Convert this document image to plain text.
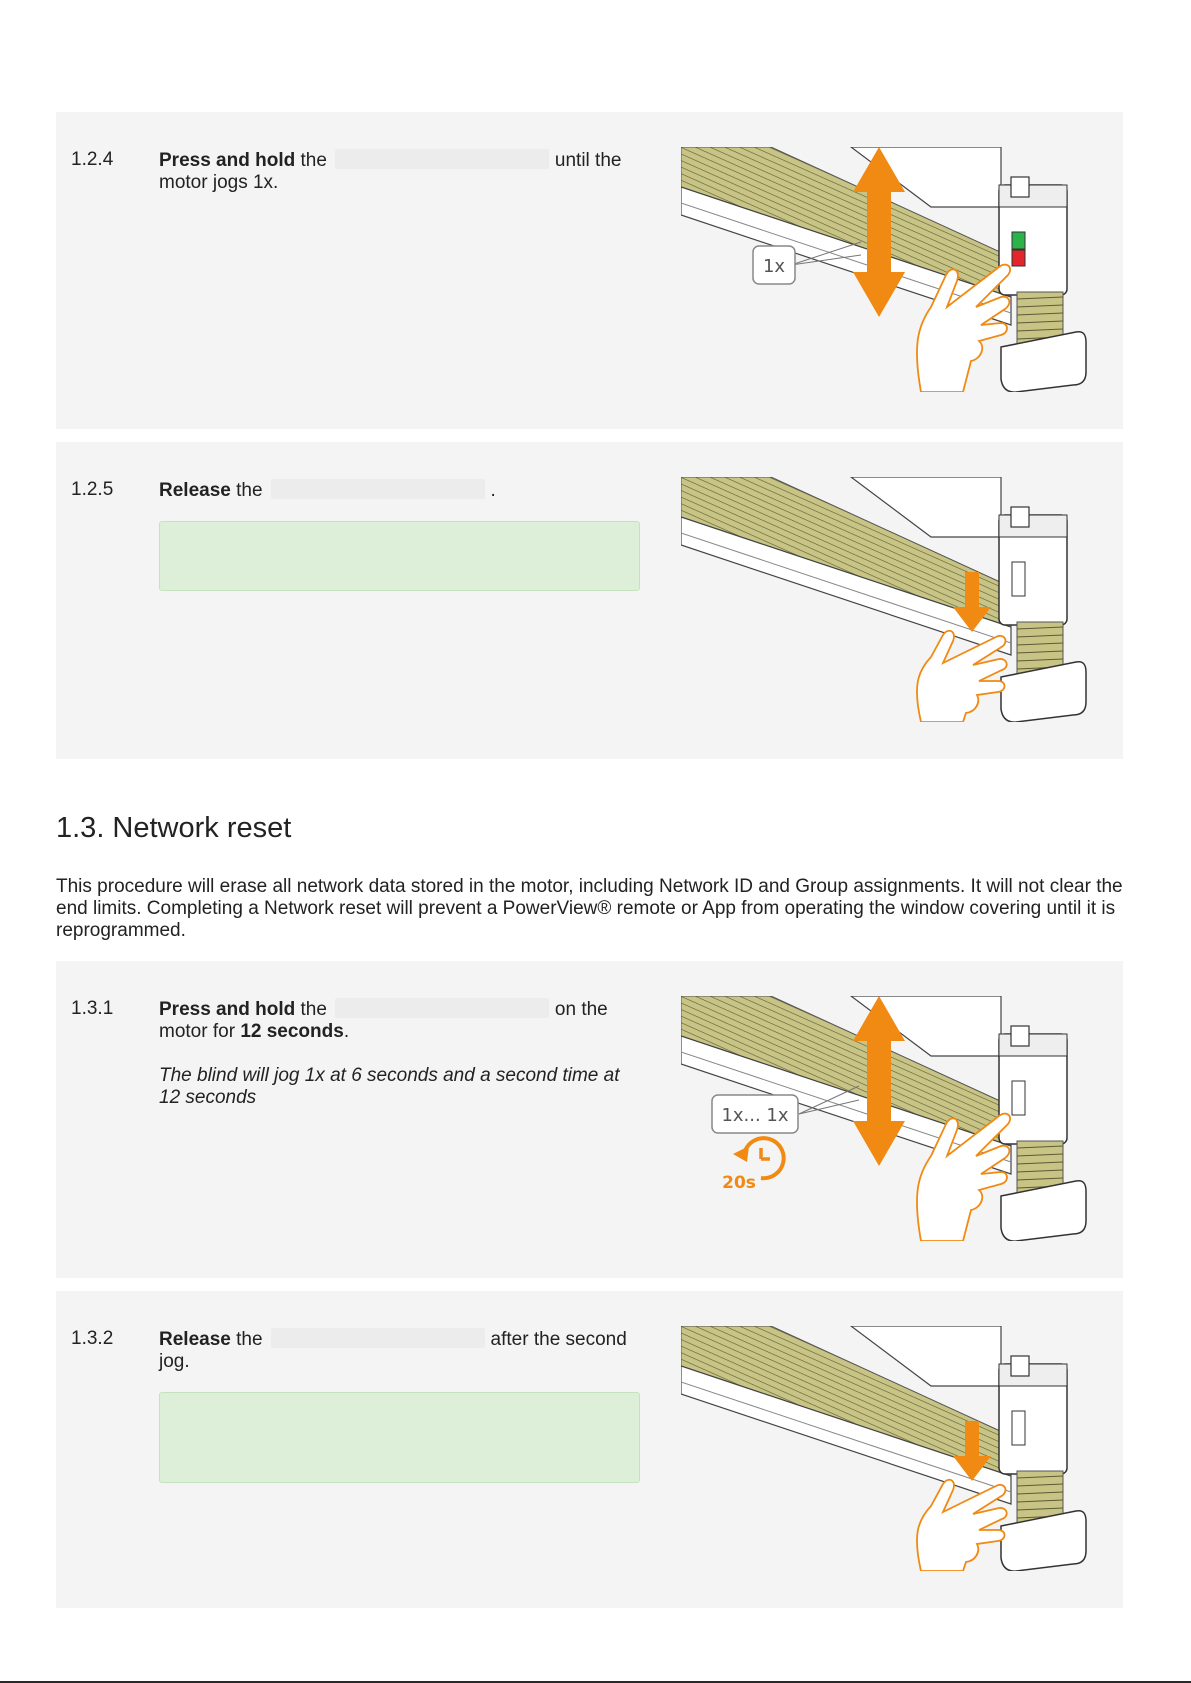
1.2.4 Press and hold the	until the motor jogs 1x.
1x
1.2.5 Release the	.
1.3. Network reset

This procedure will erase all network data stored in the motor, including Network ID and Group assignments. It will not clear the end limits. Completing a Network reset will prevent a PowerView® remote or App from operating the window covering until it is reprogrammed.

1.3.1 Press and hold the	on the motor for 12 seconds.
The blind will jog 1x at 6 seconds and a second time at 12 seconds
1x... 1x
20s
1.3.2 Release the	after the second jog.
